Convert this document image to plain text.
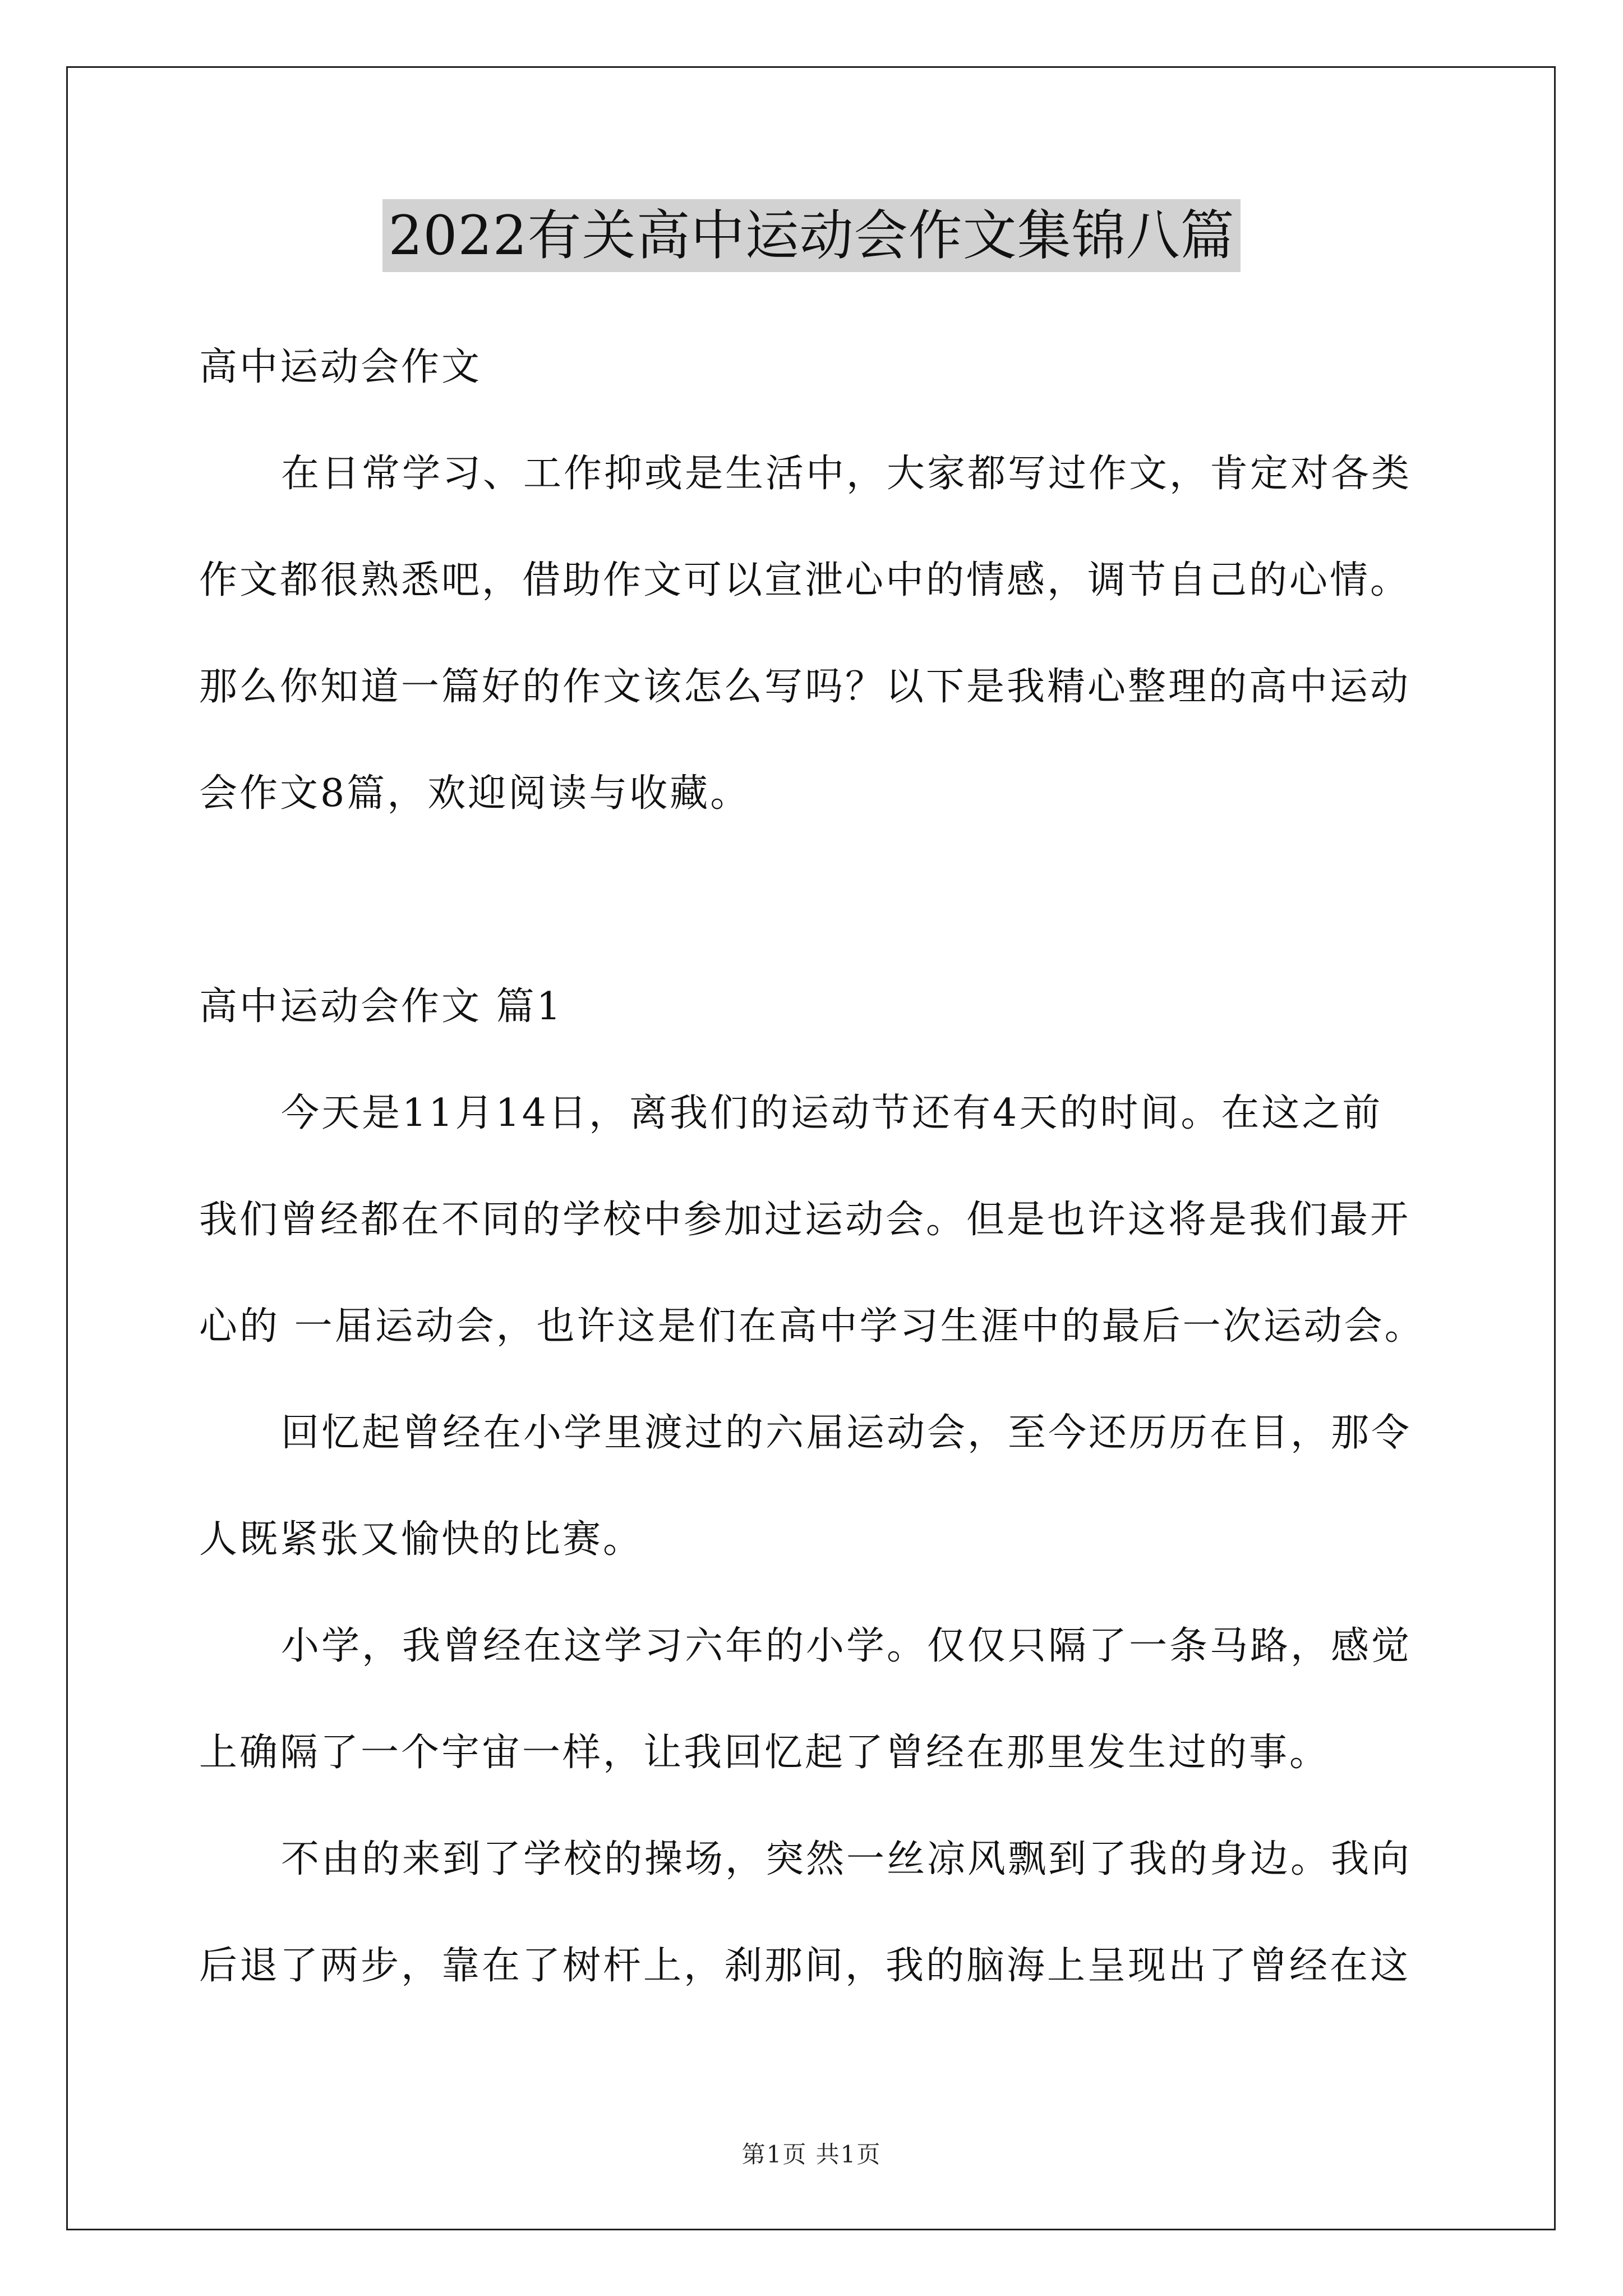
2022有关高中运动会作文集锦八篇
高中运动会作文
在日常学习、工作抑或是生活中，大家都写过作文，肯定对各类
作文都很熟悉吧，借助作文可以宣泄心中的情感，调节自己的心情。
那么你知道一篇好的作文该怎么写吗？以下是我精心整理的高中运动
会作文8篇，欢迎阅读与收藏。
高中运动会作文 篇1
今天是11月14日，离我们的运动节还有4天的时间。在这之前
我们曾经都在不同的学校中参加过运动会。但是也许这将是我们最开
心的 一届运动会，也许这是们在高中学习生涯中的最后一次运动会。
回忆起曾经在小学里渡过的六届运动会，至今还历历在目，那令
人既紧张又愉快的比赛。
小学，我曾经在这学习六年的小学。仅仅只隔了一条马路，感觉
上确隔了一个宇宙一样，让我回忆起了曾经在那里发生过的事。
不由的来到了学校的操场，突然一丝凉风飘到了我的身边。我向
后退了两步，靠在了树杆上，刹那间，我的脑海上呈现出了曾经在这
第1页 共1页
